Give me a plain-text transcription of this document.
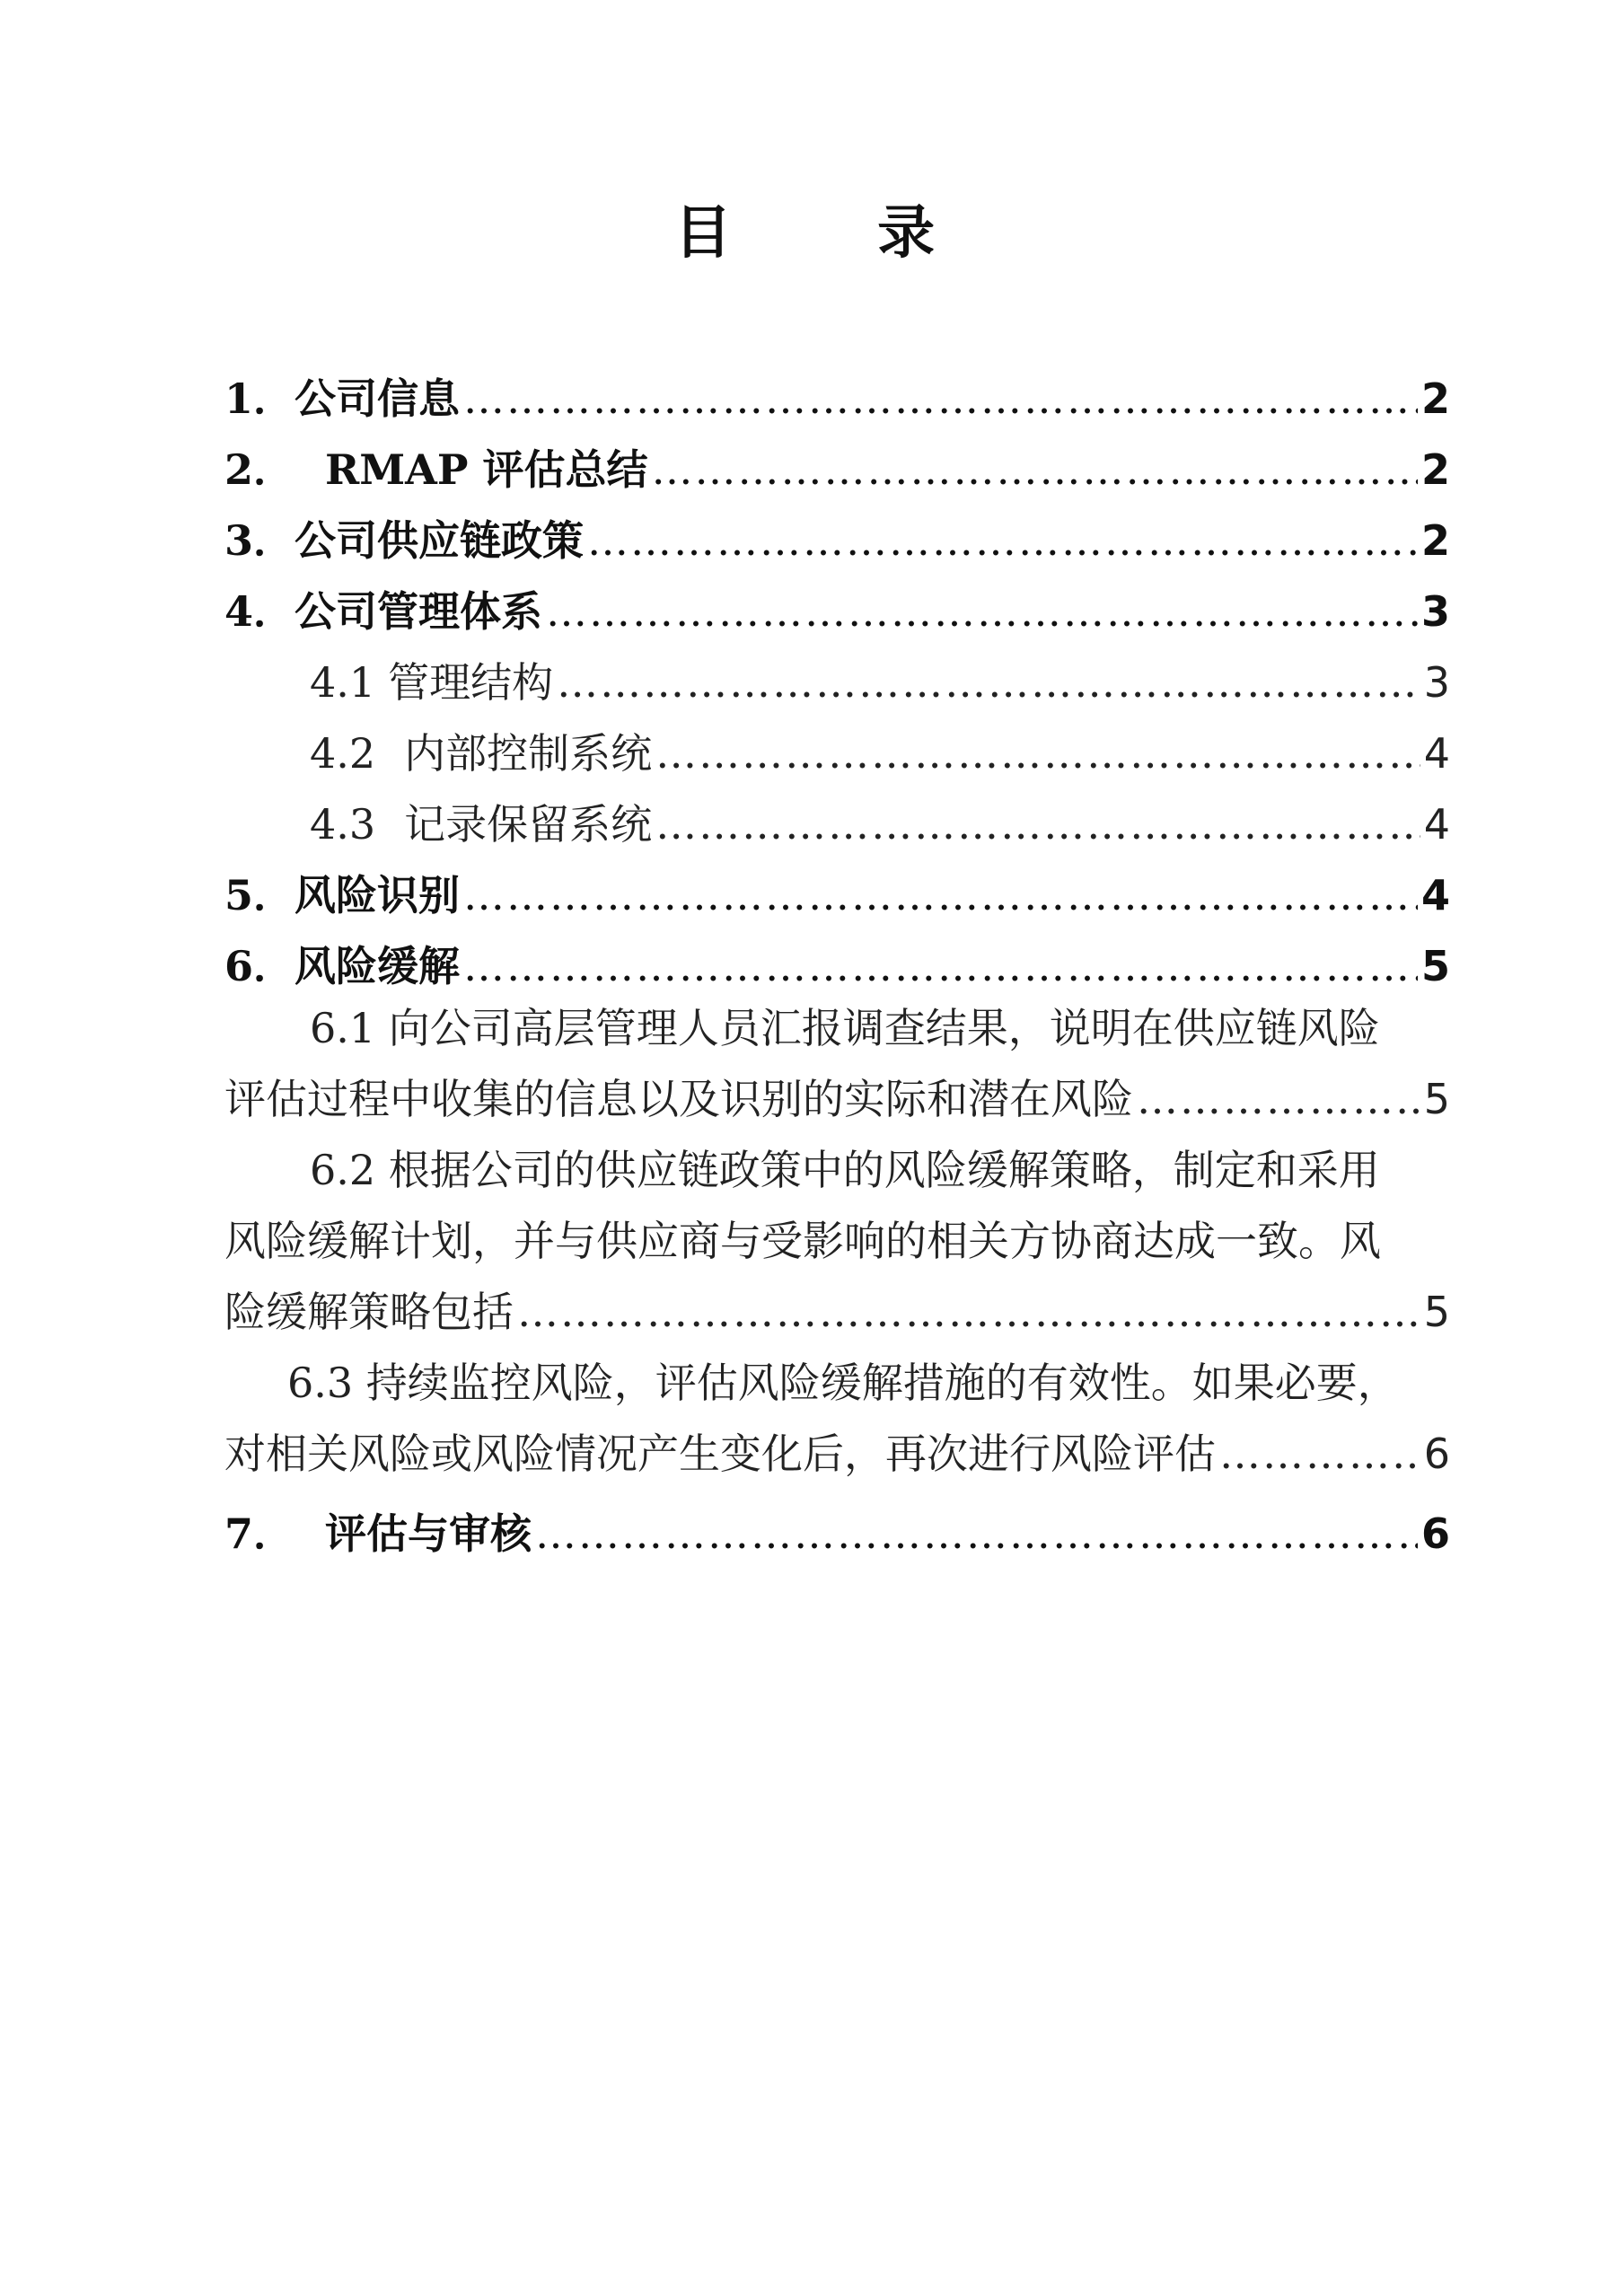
目 录
1． 公司信息 ……………………………………………………………………………………………………………………………………………………………………………………………………	2
2． RMAP 评估总结 ……………………………………………………………………………………………………………………………………………………………………………………………………	2
3． 公司供应链政策 ……………………………………………………………………………………………………………………………………………………………………………………………………	2
4． 公司管理体系 ……………………………………………………………………………………………………………………………………………………………………………………………………	3
4.1 管理结构 ……………………………………………………………………………………………………………………………………………………………………………………………………	3
4.2 内部控制系统 ……………………………………………………………………………………………………………………………………………………………………………………………………	4
4.3 记录保留系统 ……………………………………………………………………………………………………………………………………………………………………………………………………	4
5． 风险识别 ……………………………………………………………………………………………………………………………………………………………………………………………………	4
6． 风险缓解 ……………………………………………………………………………………………………………………………………………………………………………………………………	5
6.1 向公司高层管理人员汇报调查结果，说明在供应链风险
评估过程中收集的信息以及识别的实际和潜在风险 ……………………………………………………………………………………………………………………………………………………………………………………………………	5
6.2 根据公司的供应链政策中的风险缓解策略，制定和采用
风险缓解计划，并与供应商与受影响的相关方协商达成一致。风
险缓解策略包括 ……………………………………………………………………………………………………………………………………………………………………………………………………	5
6.3 持续监控风险，评估风险缓解措施的有效性。如果必要，
对相关风险或风险情况产生变化后，再次进行风险评估 ……………………………………………………………………………………………………………………………………………………………………………………………………	6
7． 评估与审核 ……………………………………………………………………………………………………………………………………………………………………………………………………	6
